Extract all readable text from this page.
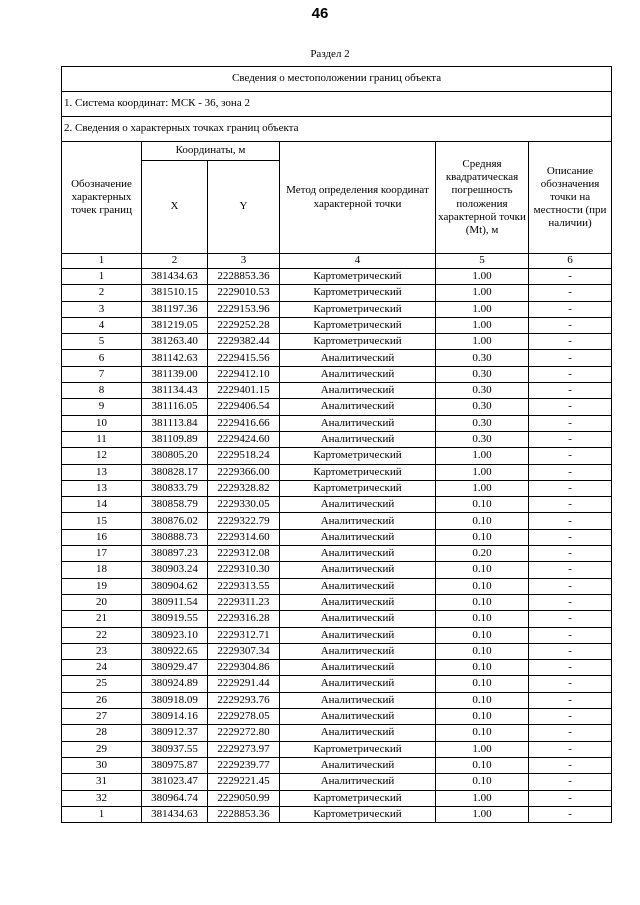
46
Раздел 2
Сведения о местоположении границ объекта					
1. Система координат: МСК - 36, зона 2					
2. Сведения о характерных точках границ объекта					
Обозначение характерных точек границ	Координаты, м		Метод определения координат характерной точки	Средняя квадратическая погрешность положения характерной точки (Mt), м	Описание обозначения точки на местности (при наличии)
	X	Y			
1	2	3	4	5	6
1	381434.63	2228853.36	Картометрический	1.00	-
2	381510.15	2229010.53	Картометрический	1.00	-
3	381197.36	2229153.96	Картометрический	1.00	-
4	381219.05	2229252.28	Картометрический	1.00	-
5	381263.40	2229382.44	Картометрический	1.00	-
6	381142.63	2229415.56	Аналитический	0.30	-
7	381139.00	2229412.10	Аналитический	0.30	-
8	381134.43	2229401.15	Аналитический	0.30	-
9	381116.05	2229406.54	Аналитический	0.30	-
10	381113.84	2229416.66	Аналитический	0.30	-
11	381109.89	2229424.60	Аналитический	0.30	-
12	380805.20	2229518.24	Картометрический	1.00	-
13	380828.17	2229366.00	Картометрический	1.00	-
13	380833.79	2229328.82	Картометрический	1.00	-
14	380858.79	2229330.05	Аналитический	0.10	-
15	380876.02	2229322.79	Аналитический	0.10	-
16	380888.73	2229314.60	Аналитический	0.10	-
17	380897.23	2229312.08	Аналитический	0.20	-
18	380903.24	2229310.30	Аналитический	0.10	-
19	380904.62	2229313.55	Аналитический	0.10	-
20	380911.54	2229311.23	Аналитический	0.10	-
21	380919.55	2229316.28	Аналитический	0.10	-
22	380923.10	2229312.71	Аналитический	0.10	-
23	380922.65	2229307.34	Аналитический	0.10	-
24	380929.47	2229304.86	Аналитический	0.10	-
25	380924.89	2229291.44	Аналитический	0.10	-
26	380918.09	2229293.76	Аналитический	0.10	-
27	380914.16	2229278.05	Аналитический	0.10	-
28	380912.37	2229272.80	Аналитический	0.10	-
29	380937.55	2229273.97	Картометрический	1.00	-
30	380975.87	2229239.77	Аналитический	0.10	-
31	381023.47	2229221.45	Аналитический	0.10	-
32	380964.74	2229050.99	Картометрический	1.00	-
1	381434.63	2228853.36	Картометрический	1.00	-
